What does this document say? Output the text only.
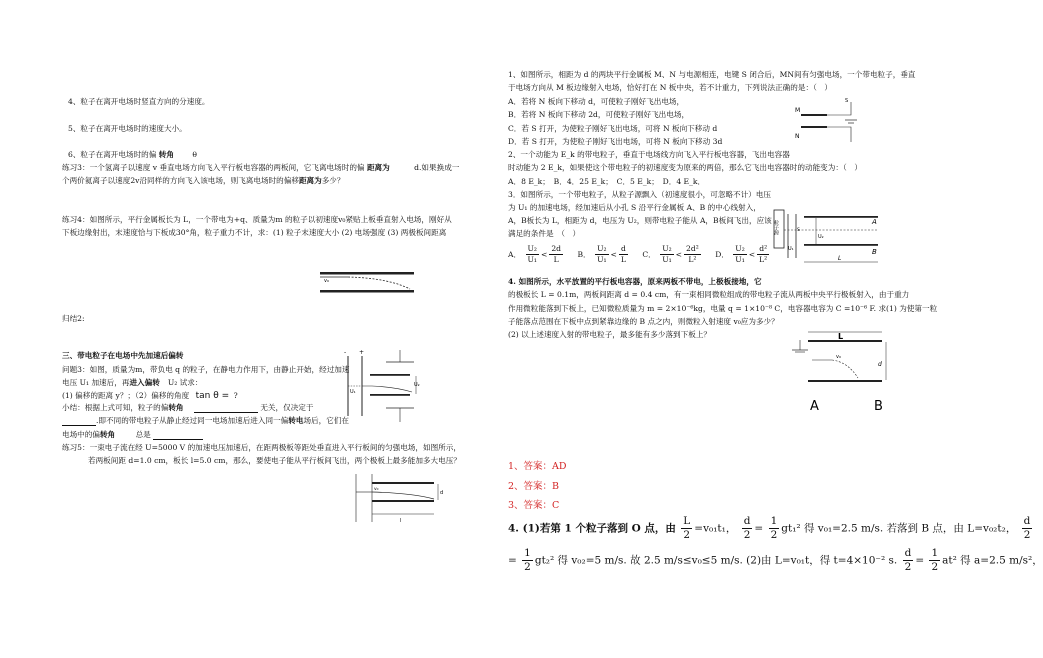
4、粒子在离开电场时竖直方向的分速度。
5、粒子在离开电场时的速度大小。
6、粒子在离开电场时的偏 转角 θ
练习3：一个氢离子以速度 v 垂直电场方向飞入平行板电容器的两板间，它飞离电场时的偏 距离为	d.如果换成一
个两价氦离子以速度2v沿同样的方向飞入该电场，则飞离电场时的偏移距离为多少？
练习4：如图所示，平行金属板长为 L，一个带电为+q、质量为m 的粒子以初速度v₀紧贴上板垂直射入电场，刚好从
下板边缘射出，末速度恰与下板成30°角，粒子重力不计，求：(1) 粒子末速度大小 (2) 电场强度 (3) 两极板间距离
v₀
归结2:
三、带电粒子在电场中先加速后偏转
问题3：如图，质量为m，带负电 q 的粒子，在静电力作用下，由静止开始，经过加速
电压 U₁ 加速后，再进入偏转 U₂ 试求：
(1) 偏移的距离 y？；（2）偏移的角度 tan θ = ?
小结：根据上式可知，粒子的偏转角	无关，仅决定于
.即不同的带电粒子从静止经过同一电场加速后进入同一偏转电场后，它们在
电场中的偏转角	总是
- +
U₁
U₂
练习5：一束电子流在经 U=5000 V 的加速电压加速后，在距两极板等距处垂直进入平行板间的匀强电场，如图所示，
若两板间距 d=1.0 cm，板长 l=5.0 cm，那么，要使电子能从平行板间飞出，两个极板上最多能加多大电压？
d
v₀
l
1、如图所示，相距为 d 的两块平行金属板 M、N 与电源相连，电键 S 闭合后，MN间有匀强电场，一个带电粒子，垂直
于电场方向从 M 板边缘射入电场，恰好打在 N 板中央，若不计重力，下列说法正确的是：（　）
A．若将 N 板向下移动 d，可使粒子刚好飞出电场，
B．若将 N 板向下移动 2d，可使粒子刚好飞出电场，
C．若 S 打开，为使粒子刚好飞出电场，可将 N 板向下移动 d
D．若 S 打开，为使粒子刚好飞出电场，可将 N 板向下移动 3d
M
N
S
2、一个动能为 E_k 的带电粒子，垂直于电场线方向飞入平行板电容器，飞出电容器
时动能为 2 E_k，如果使这个带电粒子的初速度变为原来的两倍，那么它飞出电容器时的动能变为：（　）
A．8 E_k；　B．4．25 E_k；　C．5 E_k；　D．4 E_k．
3．如图所示，一个带电粒子，从粒子源飘入（初速度很小，可忽略不计）电压
为 U₁ 的加速电场，经加速后从小孔 S 沿平行金属板 A、B 的中心线射入，
A，B板长为 L，相距为 d，电压为 U₂，则带电粒子能从 A，B板间飞出，应该
满足的条件是　（　）
A． $\frac{\text{U₂}}{\text{U₁}} < \frac{2d}{L}$ B． $\frac{\text{U₂}}{\text{U₁}} < \frac{d}{L}$ C． $\frac{\text{U₂}}{\text{U₁}} < \frac{\text{2d²}}{\text{L²}}$ D． $\frac{\text{U₂}}{\text{U₁}} < \frac{\text{d²}}{\text{L²}}$
粒子源
U₁
S
A
B
U₂
L
4. 如图所示，水平放置的平行板电容器，原来两板不带电，上极板接地，它
的极板长 L = 0.1m，两板间距离 d = 0.4 cm，有一束相同微粒组成的带电粒子流从两板中央平行极板射入，由于重力
作用微粒能落到下板上，已知微粒质量为 m = 2×10⁻⁶kg，电量 q = 1×10⁻⁸ C，电容器电容为 C =10⁻⁶ F. 求(1) 为使第一粒
子能落点范围在下板中点到紧靠边缘的 B 点之内，则微粒入射速度 v₀应为多少？
(2) 以上述速度入射的带电粒子，最多能有多少落到下板上？	L
v₀
d
A	B
1、答案：AD
2、答案：B
3、答案：C
4. (1)若第 1 个粒子落到 O 点，由 $\frac{L}{2} =v_{01}t_1$， $\frac{d}{2} = \frac{1}{2} gt_1^2$ 得 v₀₁=2.5 m/s. 若落到 B 点，由 L=v₀₂t₂， $\frac{d}{2}$
= $\frac{1}{2} gt_2^2$ 得 v₀₂=5 m/s. 故 2.5 m/s≤v₀≤5 m/s. (2)由 L=v₀₁t，得 t=4×10⁻² s. $\frac{d}{2} = \frac{1}{2} at^2$ 得 a=2.5 m/s²，
